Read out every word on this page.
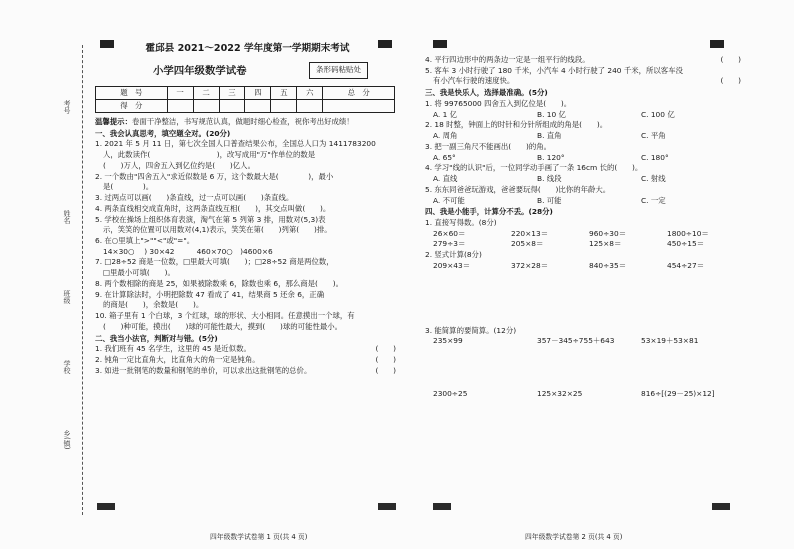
考号
姓名
班级
学校
乡(镇)
霍邱县 2021～2022 学年度第一学期期末考试
小学四年级数学试卷	条形码粘贴处
题　号	一	二	三	四	五	六	总　分
得　分							
温馨提示：卷面干净整洁，书写规范认真，做题时细心检查，祝你考出好成绩！
一、我会认真思考，填空题全对。(20分)
1. 2021 年 5 月 11 日，第七次全国人口普查结果公布，全国总人口为 1411783200
人，此数读作(　　　　　　　　　)，改写成用"万"作单位的数是
(　　)万人，四舍五入到亿位约是(　　)亿人。
2. 一个数由"四舍五入"求近似数是 6 万，这个数最大是(　　　　)，最小
是(　　　　)。
3. 过两点可以画(　　)条直线，过一点可以画(　　)条直线。
4. 两条直线相交成直角时，这两条直线互相(　　)，其交点叫做(　　)。
5. 学校在操场上组织体育表演，淘气在第 5 列第 3 排，用数对(5,3)表
示，笑笑的位置可以用数对(4,1)表示，笑笑在第(　　)列第(　　)排。
6. 在○里填上">""<"或"="。
14×30○ 　) 30×42　　　460×70○　)4600×6
7. □28÷52 商是一位数，□里最大可填(　　)；□28÷52 商是两位数，
□里最小可填(　　)。
8. 两个数相除的商是 25，如果被除数乘 6，除数也乘 6，那么商是(　　)。
9. 在计算除法时，小明把除数 47 看成了 41，结果商 5 还余 6，正确
的商是(　　)，余数是(　　)。
10. 箱子里有 1 个白球，3 个红球，球的形状、大小相同。任意摸出一个球，有
(　　)种可能，摸出(　　)球的可能性最大，摸到(　　)球的可能性最小。
二、我当小法官，判断对与错。(5分)
1. 我们班有 45 名学生，这里的 45 是近似数。	(　　)
2. 钝角一定比直角大，比直角大的角一定是钝角。	(　　)
3. 如进一批钢笔的数量和钢笔的单价，可以求出这批钢笔的总价。	(　　)
四年级数学试卷第 1 页(共 4 页)
4. 平行四边形中的两条边一定是一组平行的线段。	(　　)
5. 客车 3 小时行驶了 180 千米，小汽车 4 小时行驶了 240 千米，所以客车没
有小汽车行驶的速度快。	(　　)
三、我是快乐人，选择最准确。(5分)
1. 将 99765000 四舍五入到亿位是(　　)。
A. 1 亿	B. 10 亿	C. 100 亿
2. 18 时整，钟面上的时针和分针所组成的角是(　　)。
A. 周角	B. 直角	C. 平角
3. 把一副三角尺不能画出(　　)的角。
A. 65°	B. 120°	C. 180°
4. 学习"线的认识"后，一位同学动手画了一条 16cm 长的(　　)。
A. 直线	B. 线段	C. 射线
5. 东东同爸爸玩游戏，爸爸要玩得(　　)比你的年龄大。
A. 不可能	B. 可能	C. 一定
四、我是小能手，计算分不丢。(28分)
1. 直接写得数。(8分)
26×60＝	220×13＝	960÷30＝	1800÷10＝
279÷3＝	205×8＝	125×8＝	450÷15＝
2. 竖式计算(8分)
209×43＝	372×28＝	840÷35＝	454÷27＝
3. 能简算的要简算。(12分)
235×99	357－345÷755＋643	53×19＋53×81
2300÷25	125×32×25	816÷[(29－25)×12]
四年级数学试卷第 2 页(共 4 页)
